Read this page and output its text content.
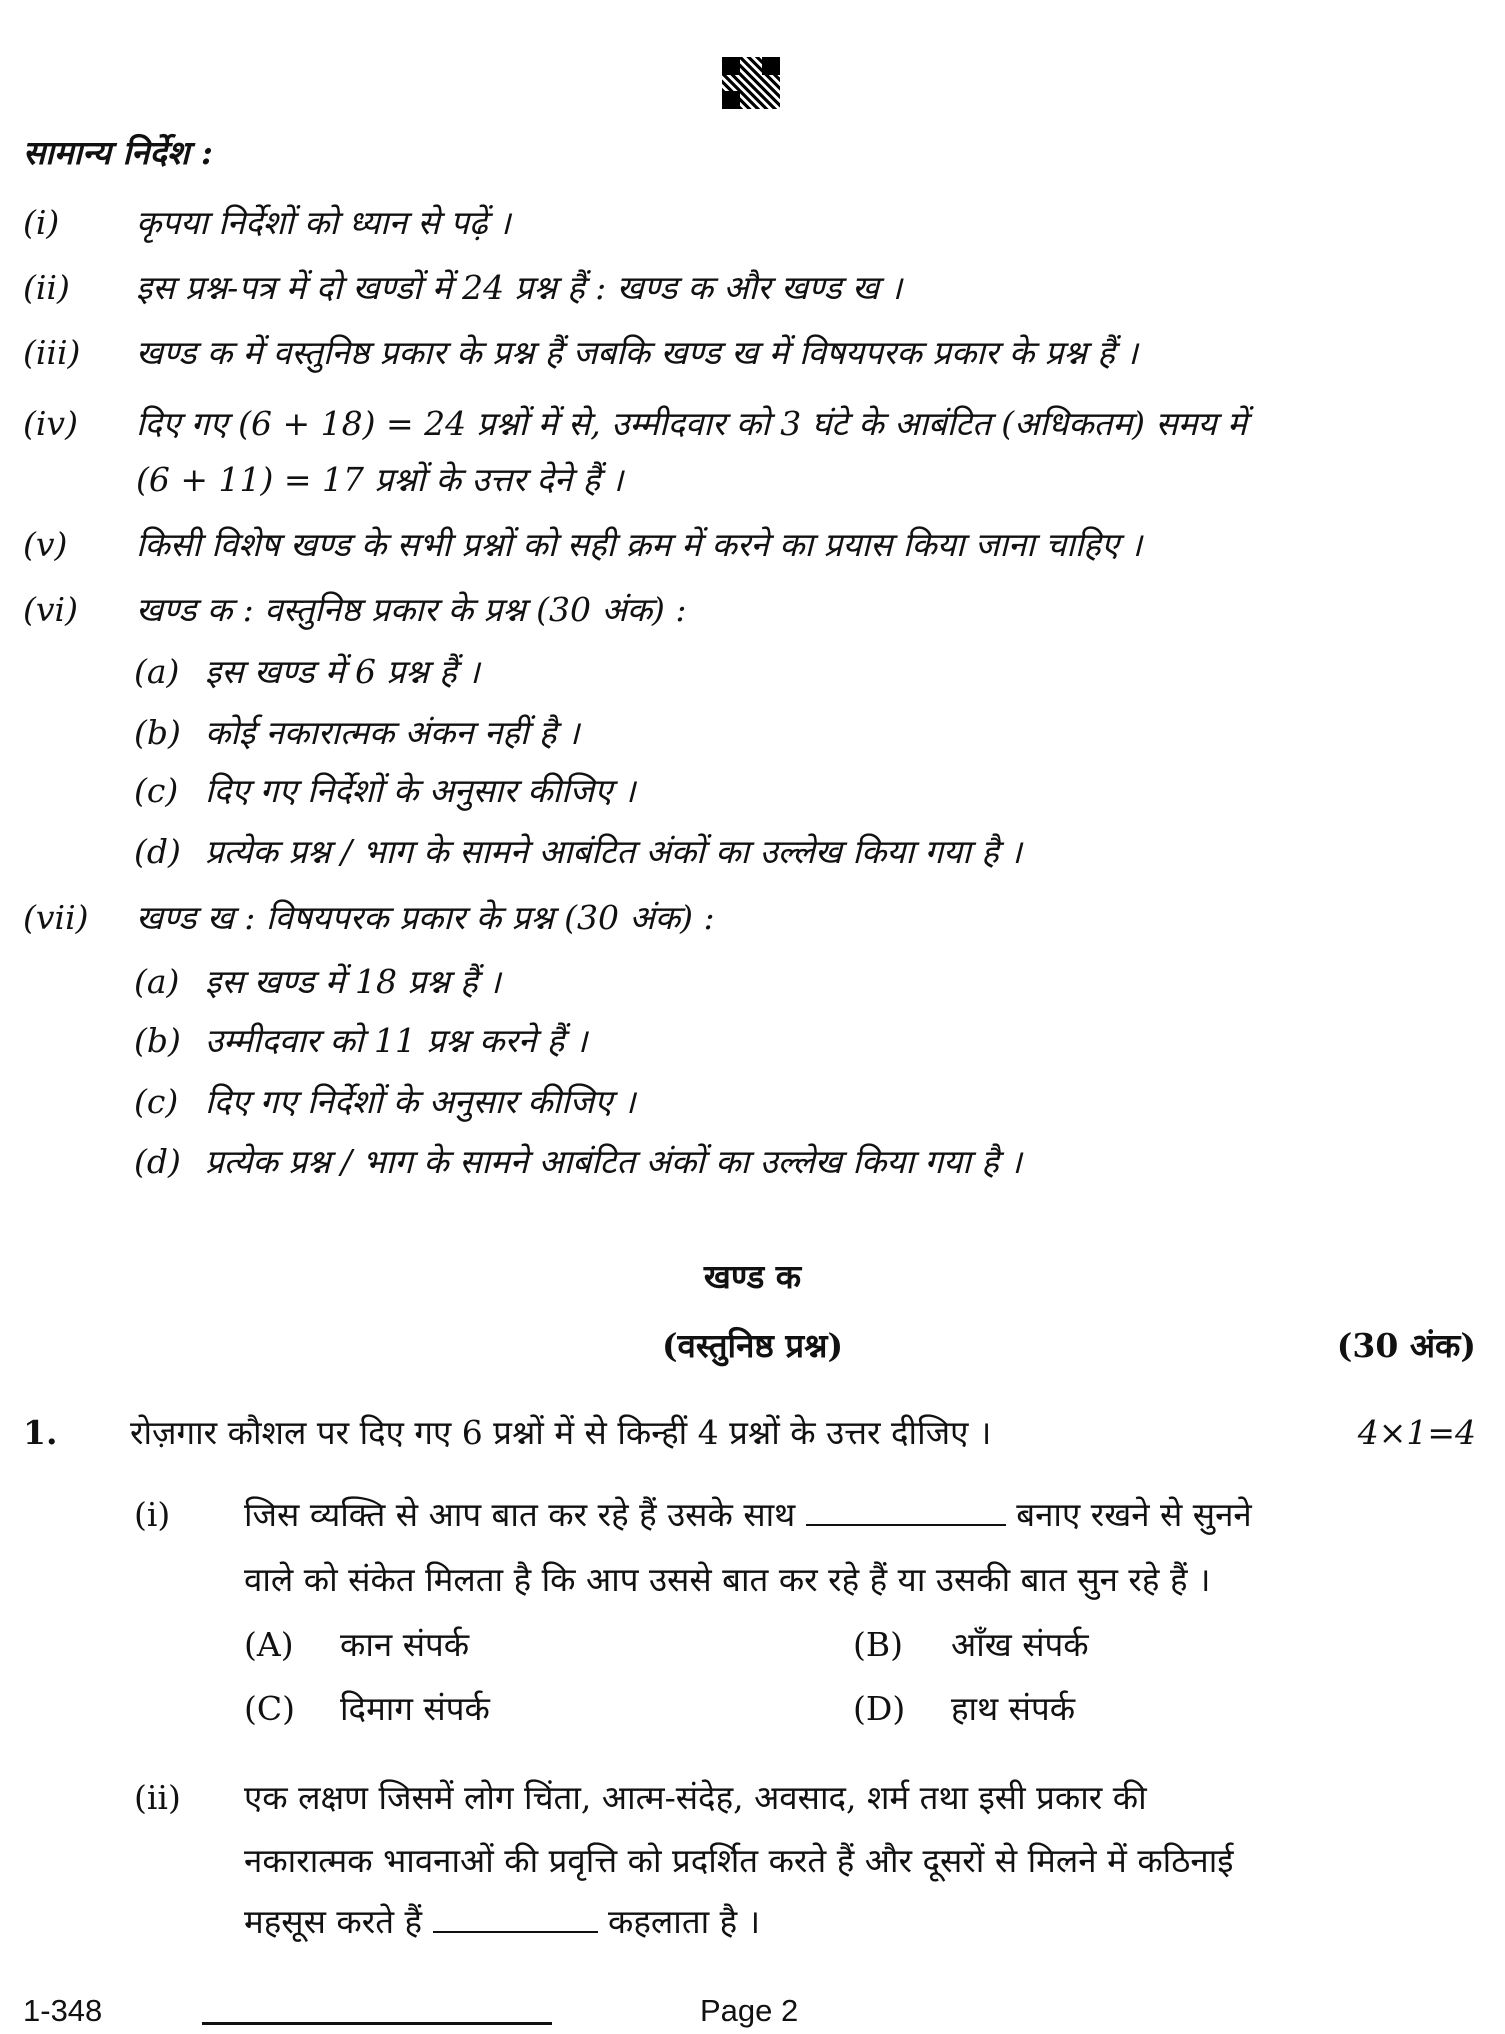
सामान्य निर्देश :
(i) कृपया निर्देशों को ध्यान से पढ़ें ।
(ii) इस प्रश्न-पत्र में दो खण्डों में 24 प्रश्न हैं : खण्ड क और खण्ड ख ।
(iii) खण्ड क में वस्तुनिष्ठ प्रकार के प्रश्न हैं जबकि खण्ड ख में विषयपरक प्रकार के प्रश्न हैं ।
(iv) दिए गए (6 + 18) = 24 प्रश्नों में से, उम्मीदवार को 3 घंटे के आबंटित (अधिकतम) समय में
(6 + 11) = 17 प्रश्नों के उत्तर देने हैं ।
(v) किसी विशेष खण्ड के सभी प्रश्नों को सही क्रम में करने का प्रयास किया जाना चाहिए ।
(vi) खण्ड क : वस्तुनिष्ठ प्रकार के प्रश्न (30 अंक) :
(a) इस खण्ड में 6 प्रश्न हैं ।
(b) कोई नकारात्मक अंकन नहीं है ।
(c) दिए गए निर्देशों के अनुसार कीजिए ।
(d) प्रत्येक प्रश्न / भाग के सामने आबंटित अंकों का उल्लेख किया गया है ।
(vii) खण्ड ख : विषयपरक प्रकार के प्रश्न (30 अंक) :
(a) इस खण्ड में 18 प्रश्न हैं ।
(b) उम्मीदवार को 11 प्रश्न करने हैं ।
(c) दिए गए निर्देशों के अनुसार कीजिए ।
(d) प्रत्येक प्रश्न / भाग के सामने आबंटित अंकों का उल्लेख किया गया है ।
खण्ड क
(वस्तुनिष्ठ प्रश्न)	(30 अंक)
1. रोज़गार कौशल पर दिए गए 6 प्रश्नों में से किन्हीं 4 प्रश्नों के उत्तर दीजिए ।	4×1=4
(i) जिस व्यक्ति से आप बात कर रहे हैं उसके साथ	बनाए रखने से सुनने
वाले को संकेत मिलता है कि आप उससे बात कर रहे हैं या उसकी बात सुन रहे हैं ।
(A) कान संपर्क	(B) आँख संपर्क
(C) दिमाग संपर्क	(D) हाथ संपर्क
(ii) एक लक्षण जिसमें लोग चिंता, आत्म-संदेह, अवसाद, शर्म तथा इसी प्रकार की
नकारात्मक भावनाओं की प्रवृत्ति को प्रदर्शित करते हैं और दूसरों से मिलने में कठिनाई
महसूस करते हैं	कहलाता है ।
1-348	Page 2
